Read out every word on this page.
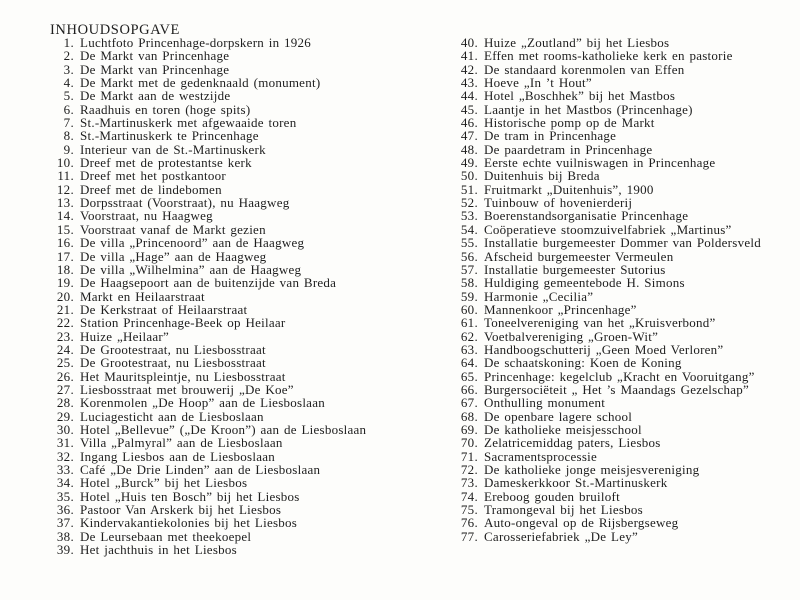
INHOUDSOPGAVE
1. Luchtfoto Princenhage-dorpskern in 1926
2. De Markt van Princenhage
3. De Markt van Princenhage
4. De Markt met de gedenknaald (monument)
5. De Markt aan de westzijde
6. Raadhuis en toren (hoge spits)
7. St.-Martinuskerk met afgewaaide toren
8. St.-Martinuskerk te Princenhage
9. Interieur van de St.-Martinuskerk
10. Dreef met de protestantse kerk
11. Dreef met het postkantoor
12. Dreef met de lindebomen
13. Dorpsstraat (Voorstraat), nu Haagweg
14. Voorstraat, nu Haagweg
15. Voorstraat vanaf de Markt gezien
16. De villa „Princenoord” aan de Haagweg
17. De villa „Hage” aan de Haagweg
18. De villa „Wilhelmina” aan de Haagweg
19. De Haagsepoort aan de buitenzijde van Breda
20. Markt en Heilaarstraat
21. De Kerkstraat of Heilaarstraat
22. Station Princenhage-Beek op Heilaar
23. Huize „Heilaar”
24. De Grootestraat, nu Liesbosstraat
25. De Grootestraat, nu Liesbosstraat
26. Het Mauritspleintje, nu Liesbosstraat
27. Liesbosstraat met brouwerij „De Koe”
28. Korenmolen „De Hoop” aan de Liesboslaan
29. Luciagesticht aan de Liesboslaan
30. Hotel „Bellevue” („De Kroon”) aan de Liesboslaan
31. Villa „Palmyral” aan de Liesboslaan
32. Ingang Liesbos aan de Liesboslaan
33. Café „De Drie Linden” aan de Liesboslaan
34. Hotel „Burck” bij het Liesbos
35. Hotel „Huis ten Bosch” bij het Liesbos
36. Pastoor Van Arskerk bij het Liesbos
37. Kindervakantiekolonies bij het Liesbos
38. De Leursebaan met theekoepel
39. Het jachthuis in het Liesbos
40. Huize „Zoutland” bij het Liesbos
41. Effen met rooms-katholieke kerk en pastorie
42. De standaard korenmolen van Effen
43. Hoeve „In ’t Hout”
44. Hotel „Boschhek” bij het Mastbos
45. Laantje in het Mastbos (Princenhage)
46. Historische pomp op de Markt
47. De tram in Princenhage
48. De paardetram in Princenhage
49. Eerste echte vuilniswagen in Princenhage
50. Duitenhuis bij Breda
51. Fruitmarkt „Duitenhuis”, 1900
52. Tuinbouw of hovenierderij
53. Boerenstandsorganisatie Princenhage
54. Coöperatieve stoomzuivelfabriek „Martinus”
55. Installatie burgemeester Dommer van Poldersveld
56. Afscheid burgemeester Vermeulen
57. Installatie burgemeester Sutorius
58. Huldiging gemeentebode H. Simons
59. Harmonie „Cecilia”
60. Mannenkoor „Princenhage”
61. Toneelvereniging van het „Kruisverbond”
62. Voetbalvereniging „Groen-Wit”
63. Handboogschutterij „Geen Moed Verloren”
64. De schaatskoning: Koen de Koning
65. Princenhage: kegelclub „Kracht en Vooruitgang”
66. Burgersociëteit „ Het ’s Maandags Gezelschap”
67. Onthulling monument
68. De openbare lagere school
69. De katholieke meisjesschool
70. Zelatricemiddag paters, Liesbos
71. Sacramentsprocessie
72. De katholieke jonge meisjesvereniging
73. Dameskerkkoor St.-Martinuskerk
74. Ereboog gouden bruiloft
75. Tramongeval bij het Liesbos
76. Auto-ongeval op de Rijsbergseweg
77. Carosseriefabriek „De Ley”
